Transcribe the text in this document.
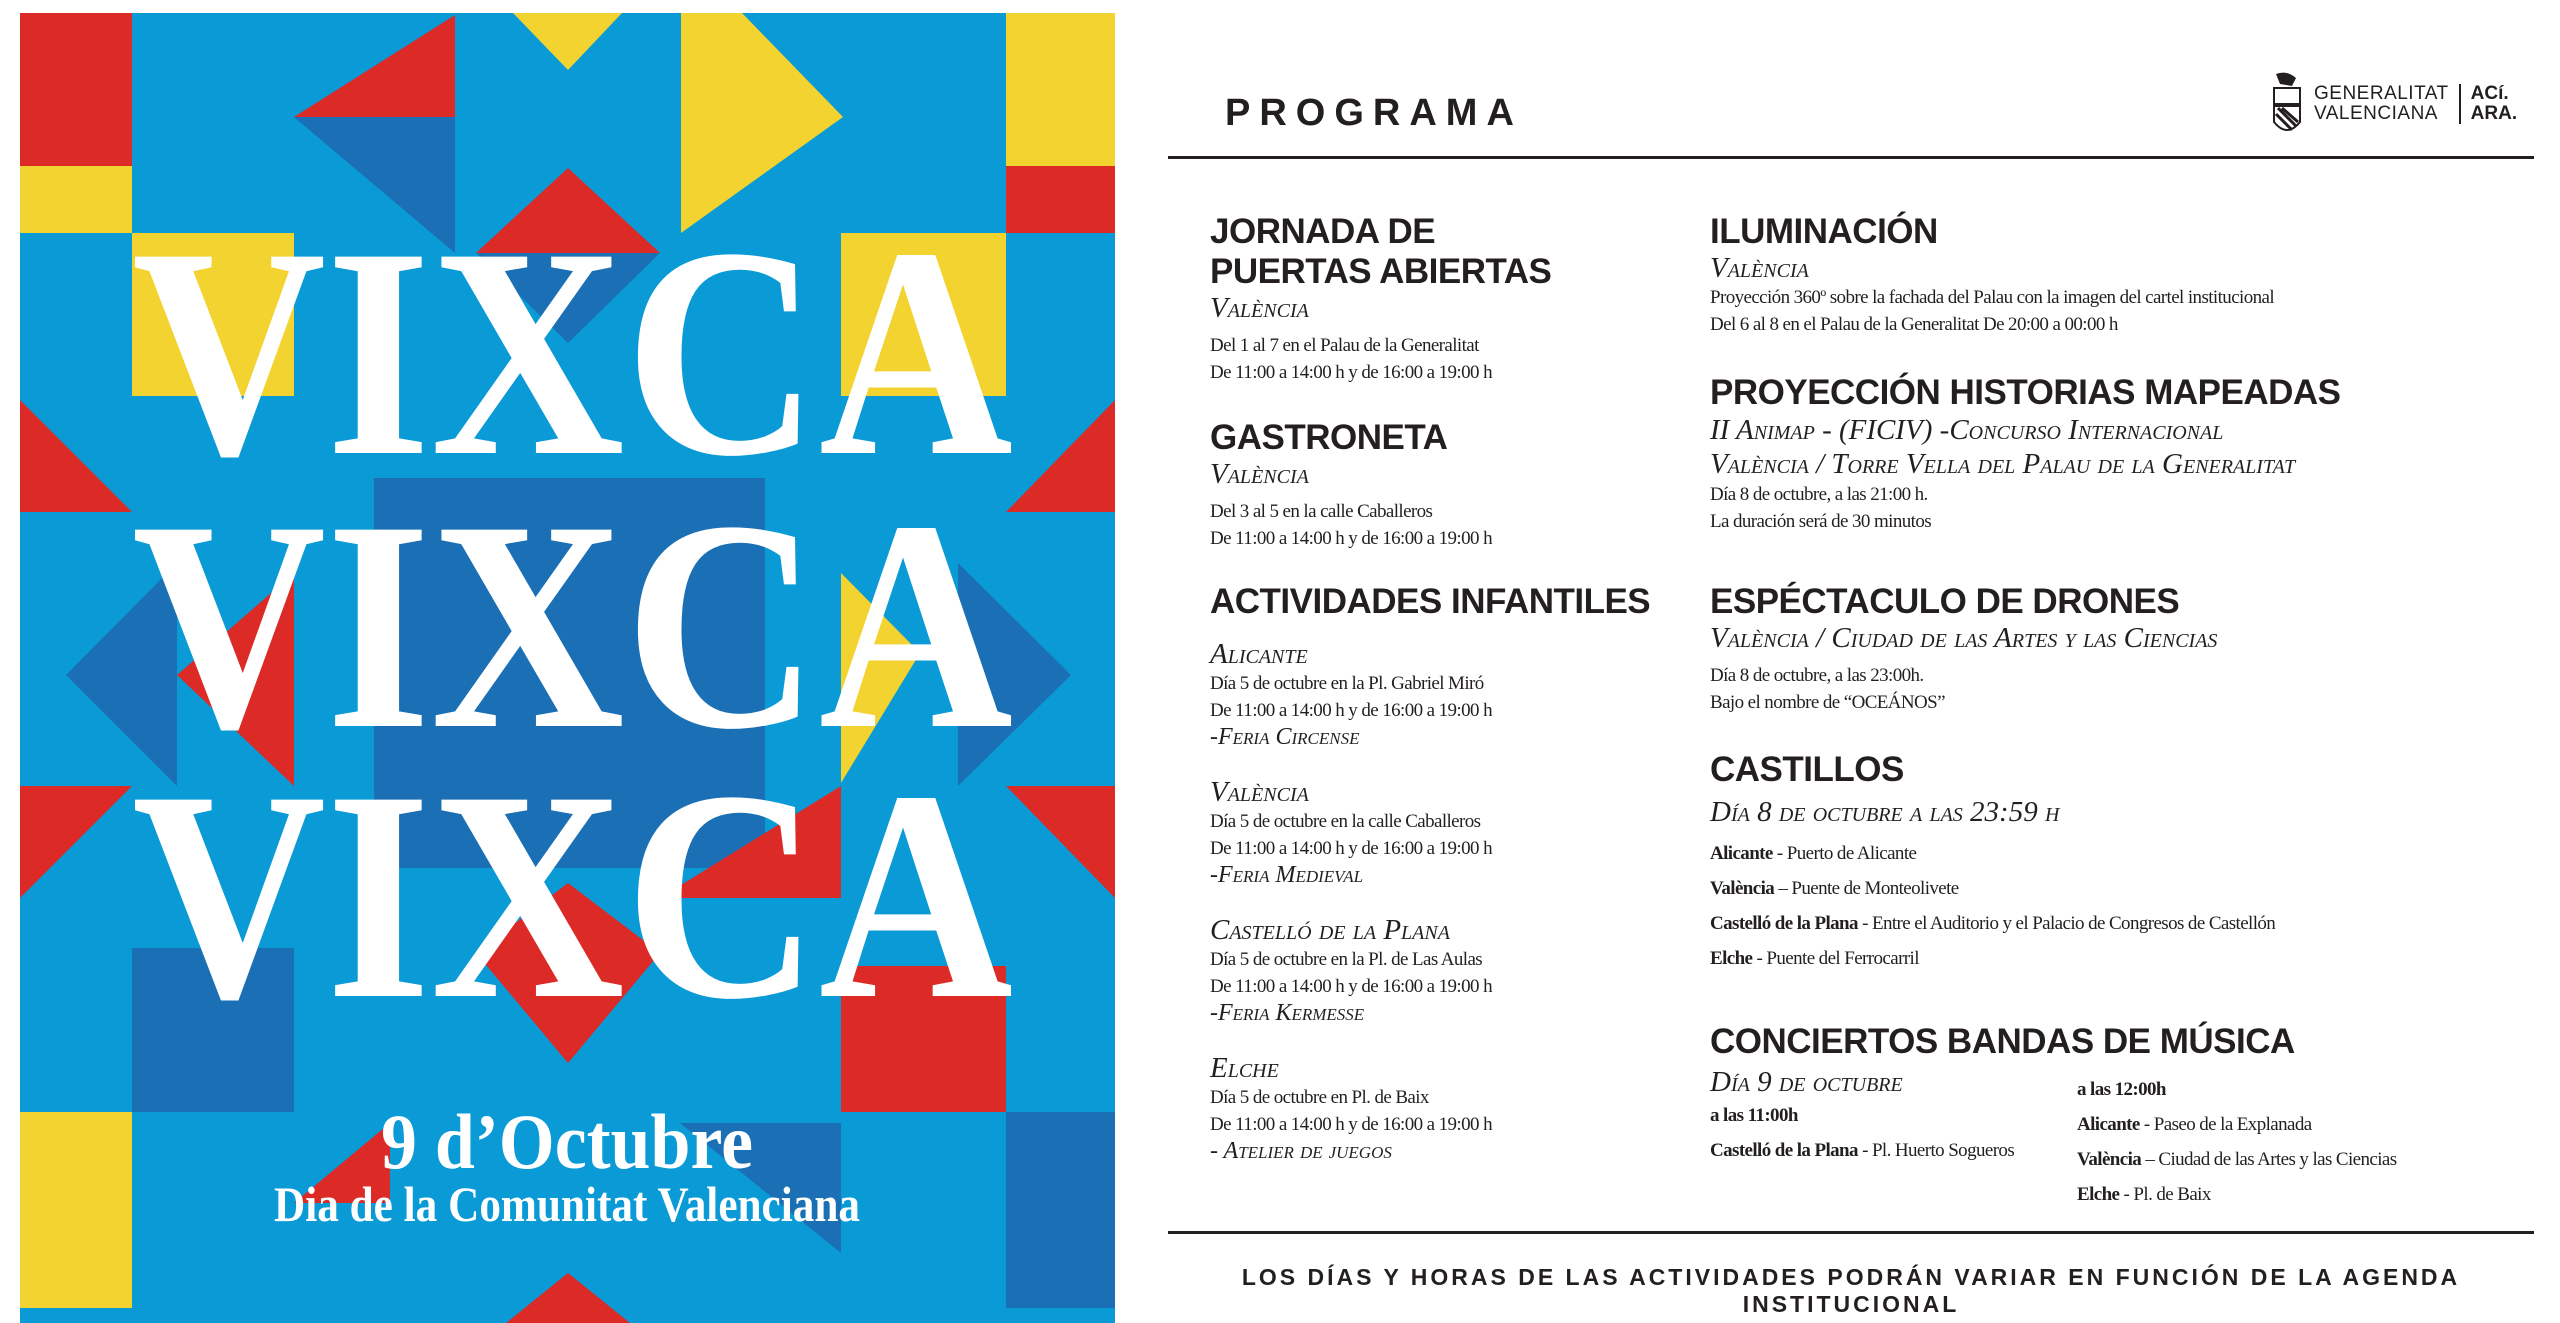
VIXCA
VIXCA
VIXCA
9 d’Octubre
Dia de la Comunitat Valenciana
PROGRAMA	GENERALITAT
VALENCIANA
ACí.
ARA.
JORNADA DE
PUERTAS ABIERTAS
València
Del 1 al 7 en el Palau de la Generalitat
De 11:00 a 14:00 h y de 16:00 a 19:00 h
GASTRONETA
València
Del 3 al 5 en la calle Caballeros
De 11:00 a 14:00 h y de 16:00 a 19:00 h
ACTIVIDADES INFANTILES
Alicante
Día 5 de octubre en la Pl. Gabriel Miró
De 11:00 a 14:00 h y de 16:00 a 19:00 h
-Feria Circense
València
Día 5 de octubre en la calle Caballeros
De 11:00 a 14:00 h y de 16:00 a 19:00 h
-Feria Medieval
Castelló de la Plana
Día 5 de octubre en la Pl. de Las Aulas
De 11:00 a 14:00 h y de 16:00 a 19:00 h
-Feria Kermesse
Elche
Día 5 de octubre en Pl. de Baix
De 11:00 a 14:00 h y de 16:00 a 19:00 h
- Atelier de juegos
ILUMINACIÓN
València
Proyección 360º sobre la fachada del Palau con la imagen del cartel institucional
Del 6 al 8 en el Palau de la Generalitat De 20:00 a 00:00 h
PROYECCIÓN HISTORIAS MAPEADAS
II Animap - (FICIV) -Concurso Internacional
València / Torre Vella del Palau de la Generalitat
Día 8 de octubre, a las 21:00 h.
La duración será de 30 minutos
ESPÉCTACULO DE DRONES
València / Ciudad de las Artes y las Ciencias
Día 8 de octubre, a las 23:00h.
Bajo el nombre de “OCEÁNOS”
CASTILLOS
Día 8 de octubre a las 23:59 h
Alicante - Puerto de Alicante
València – Puente de Monteolivete
Castelló de la Plana - Entre el Auditorio y el Palacio de Congresos de Castellón
Elche - Puente del Ferrocarril
CONCIERTOS BANDAS DE MÚSICA
Día 9 de octubre
a las 11:00h
Castelló de la Plana - Pl. Huerto Sogueros
a las 12:00h
Alicante - Paseo de la Explanada
València – Ciudad de las Artes y las Ciencias
Elche - Pl. de Baix
LOS DÍAS Y HORAS DE LAS ACTIVIDADES PODRÁN VARIAR EN FUNCIÓN DE LA AGENDA INSTITUCIONAL
